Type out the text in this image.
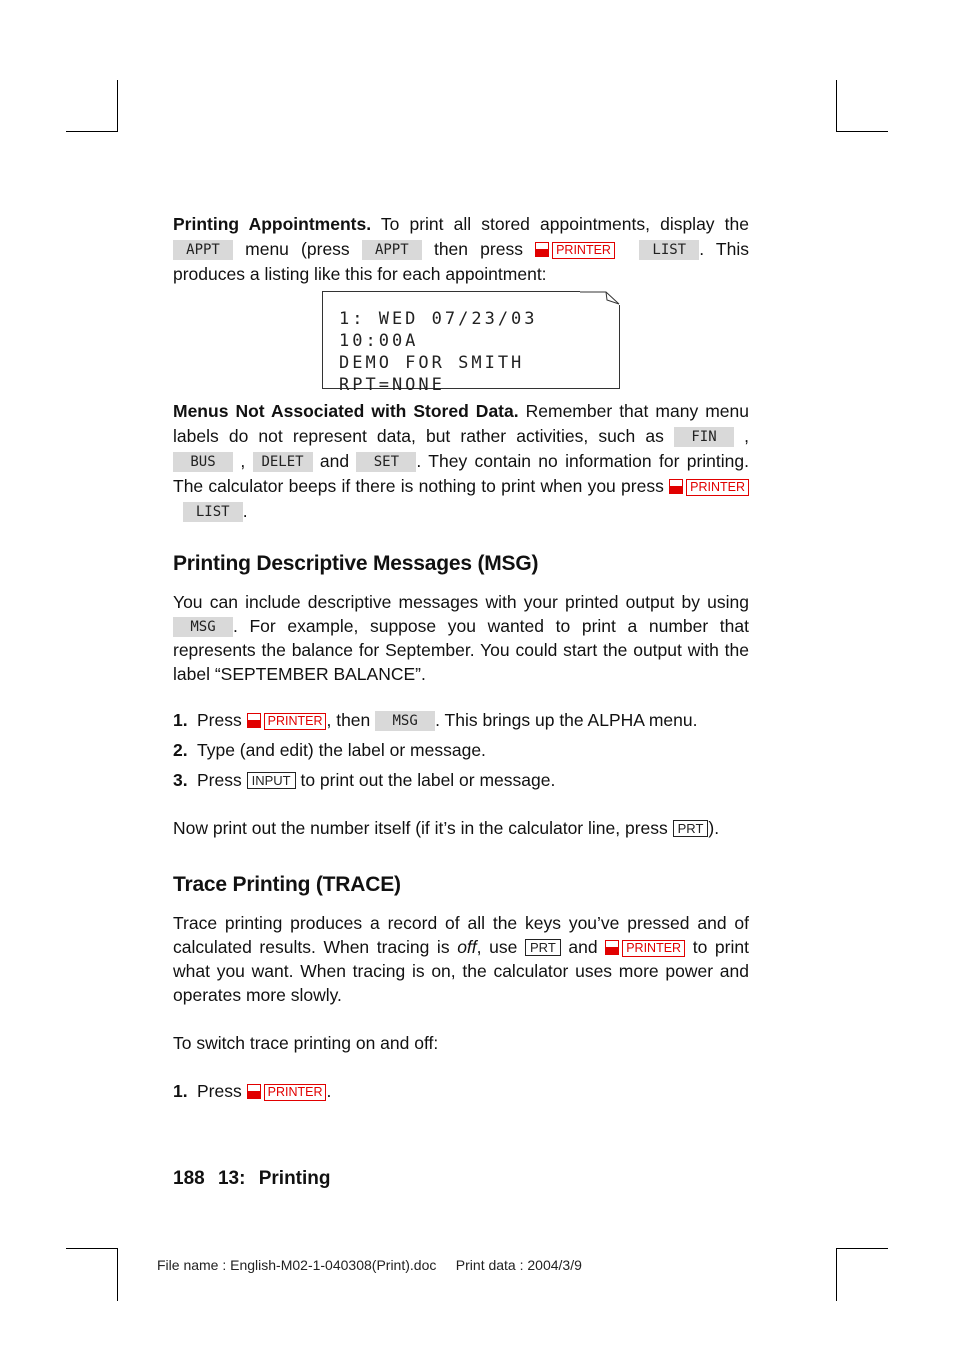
Printing Appointments. To print all stored appointments, display the APPT menu (press APPT then press PRINTER	LIST . This produces a listing like this for each appointment:

1: WED 07/23/03 10:00A
DEMO FOR SMITH
RPT=NONE

Menus Not Associated with Stored Data. Remember that many menu labels do not represent data, but rather activities, such as FIN , BUS , DELET and SET . They contain no information for printing. The calculator beeps if there is nothing to print when you press PRINTER  LIST .

Printing Descriptive Messages (MSG)

You can include descriptive messages with your printed output by using MSG . For example, suppose you wanted to print a number that represents the balance for September. You could start the output with the label “SEPTEMBER BALANCE”.

1. Press PRINTER , then MSG . This brings up the ALPHA menu.
2. Type (and edit) the label or message.
3. Press INPUT to print out the label or message.

Now print out the number itself (if it’s in the calculator line, press PRT ).

Trace Printing (TRACE)

Trace printing produces a record of all the keys you’ve pressed and of calculated results. When tracing is off, use PRT and PRINTER to print what you want. When tracing is on, the calculator uses more power and operates more slowly.

To switch trace printing on and off:

1. Press PRINTER .
188 13: Printing
File name : English-M02-1-040308(Print).doc     Print data : 2004/3/9
